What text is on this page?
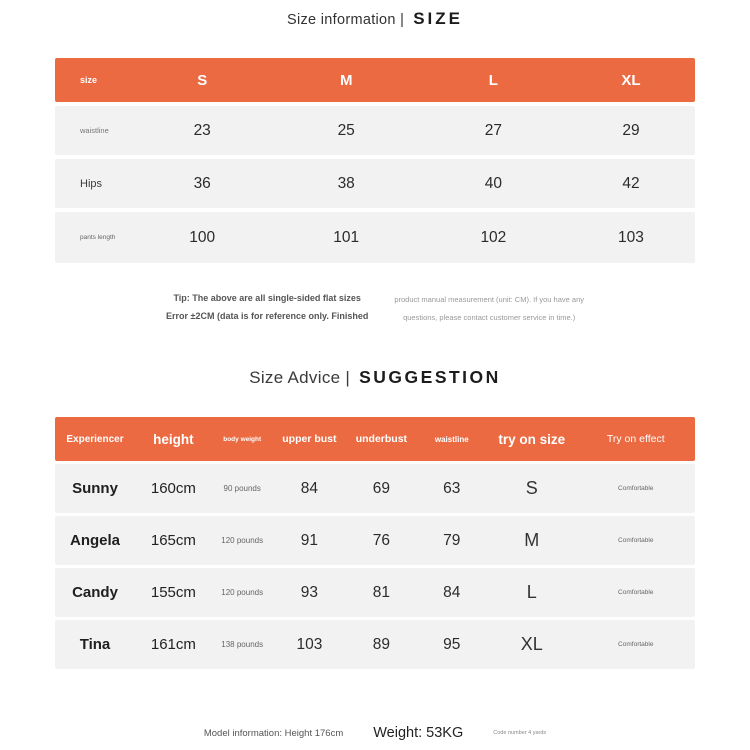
Size information | SIZE
size	S	M	L	XL
waistline	23	25	27	29
Hips	36	38	40	42
pants length	100	101	102	103
Tip: The above are all single-sided flat sizes
Error ±2CM (data is for reference only. Finished
product manual measurement (unit: CM). If you have any
questions, please contact customer service in time.)
Size Advice | SUGGESTION
Experiencer	height	body weight	upper bust	underbust	waistline	try on size	Try on effect
Sunny	160cm	90 pounds	84	69	63	S	Comfortable
Angela	165cm	120 pounds	91	76	79	M	Comfortable
Candy	155cm	120 pounds	93	81	84	L	Comfortable
Tina	161cm	138 pounds	103	89	95	XL	Comfortable
Model information: Height 176cm Weight: 53KG	Code number 4 yards
